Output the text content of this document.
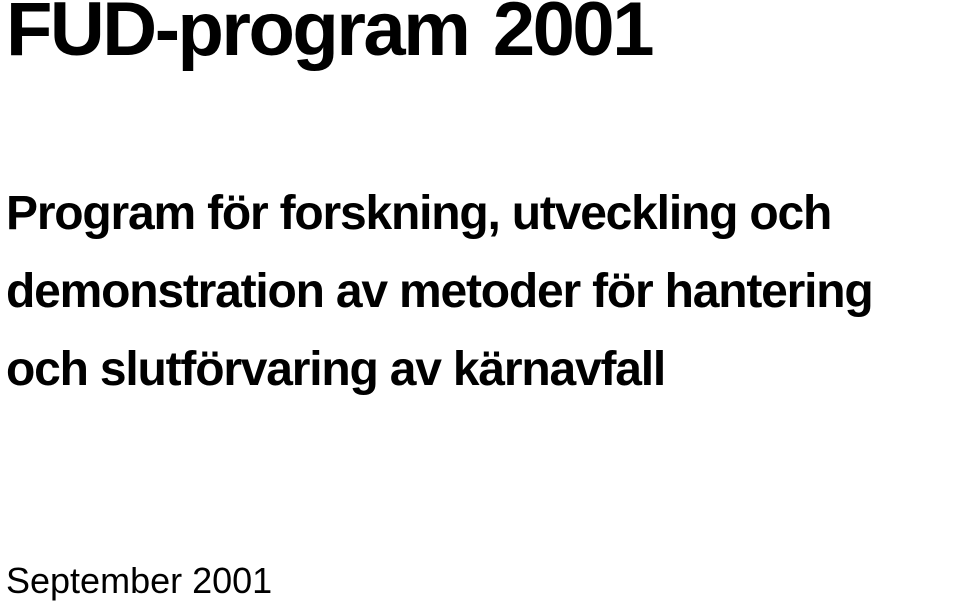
FUD-program 2001
Program för forskning, utveckling och
demonstration av metoder för hantering
och slutförvaring av kärnavfall

September 2001
